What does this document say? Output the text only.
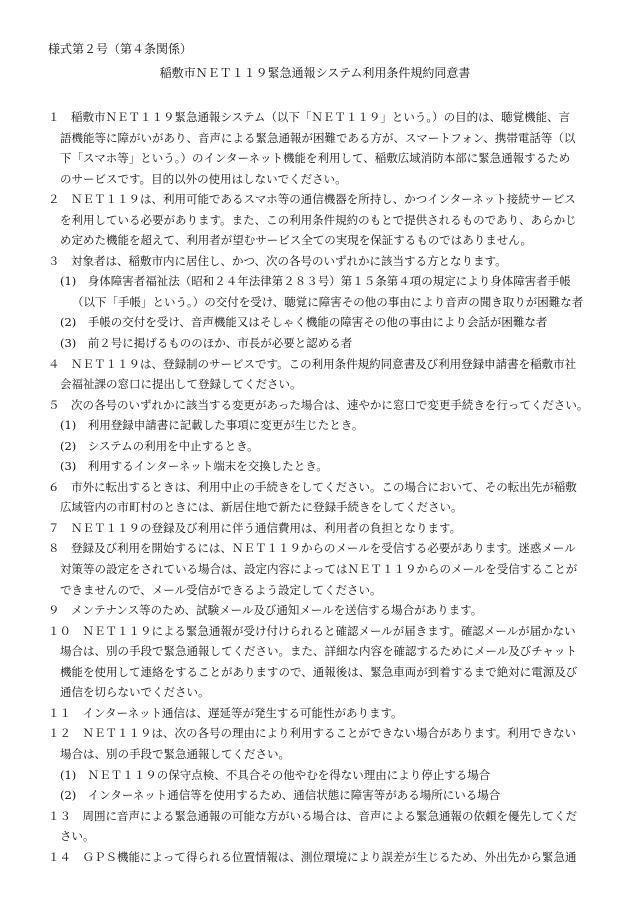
様式第２号（第４条関係）
稲敷市ＮＥＴ１１９緊急通報システム利用条件規約同意書
１　稲敷市ＮＥＴ１１９緊急通報システム（以下「ＮＥＴ１１９」という。）の目的は、聴覚機能、言
語機能等に障がいがあり、音声による緊急通報が困難である方が、スマートフォン、携帯電話等（以
下「スマホ等」という。）のインターネット機能を利用して、稲敷広域消防本部に緊急通報するため
のサービスです。目的以外の使用はしないでください。
２　ＮＥＴ１１９は、利用可能であるスマホ等の通信機器を所持し、かつインターネット接続サービス
を利用している必要があります。また、この利用条件規約のもとで提供されるものであり、あらかじ
め定めた機能を超えて、利用者が望むサービス全ての実現を保証するものではありません。
３　対象者は、稲敷市内に居住し、かつ、次の各号のいずれかに該当する方となります。
(1)　身体障害者福祉法（昭和２４年法律第２８３号）第１５条第４項の規定により身体障害者手帳
（以下「手帳」という。）の交付を受け、聴覚に障害その他の事由により音声の聞き取りが困難な者
(2)　手帳の交付を受け、音声機能又はそしゃく機能の障害その他の事由により会話が困難な者
(3)　前２号に掲げるもののほか、市長が必要と認める者
４　ＮＥＴ１１９は、登録制のサービスです。この利用条件規約同意書及び利用登録申請書を稲敷市社
会福祉課の窓口に提出して登録してください。
５　次の各号のいずれかに該当する変更があった場合は、速やかに窓口で変更手続きを行ってください。
(1)　利用登録申請書に記載した事項に変更が生じたとき。
(2)　システムの利用を中止するとき。
(3)　利用するインターネット端末を交換したとき。
６　市外に転出するときは、利用中止の手続きをしてください。この場合において、その転出先が稲敷
広域管内の市町村のときには、新居住地で新たに登録手続きをしてください。
７　ＮＥＴ１１９の登録及び利用に伴う通信費用は、利用者の負担となります。
８　登録及び利用を開始するには、ＮＥＴ１１９からのメールを受信する必要があります。迷惑メール
対策等の設定をされている場合は、設定内容によってはＮＥＴ１１９からのメールを受信することが
できませんので、メール受信ができるよう設定してください。
９　メンテナンス等のため、試験メール及び通知メールを送信する場合があります。
１０　ＮＥＴ１１９による緊急通報が受け付けられると確認メールが届きます。確認メールが届かない
場合は、別の手段で緊急通報してください。また、詳細な内容を確認するためにメール及びチャット
機能を使用して連絡をすることがありますので、通報後は、緊急車両が到着するまで絶対に電源及び
通信を切らないでください。
１１　インターネット通信は、遅延等が発生する可能性があります。
１２　ＮＥＴ１１９は、次の各号の理由により利用することができない場合があります。利用できない
場合は、別の手段で緊急通報してください。
(1)　ＮＥＴ１１９の保守点検、不具合その他やむを得ない理由により停止する場合
(2)　インターネット通信等を使用するため、通信状態に障害等がある場所にいる場合
１３　周囲に音声による緊急通報の可能な方がいる場合は、音声による緊急通報の依頼を優先してくだ
さい。
１４　ＧＰＳ機能によって得られる位置情報は、測位環境により誤差が生じるため、外出先から緊急通
